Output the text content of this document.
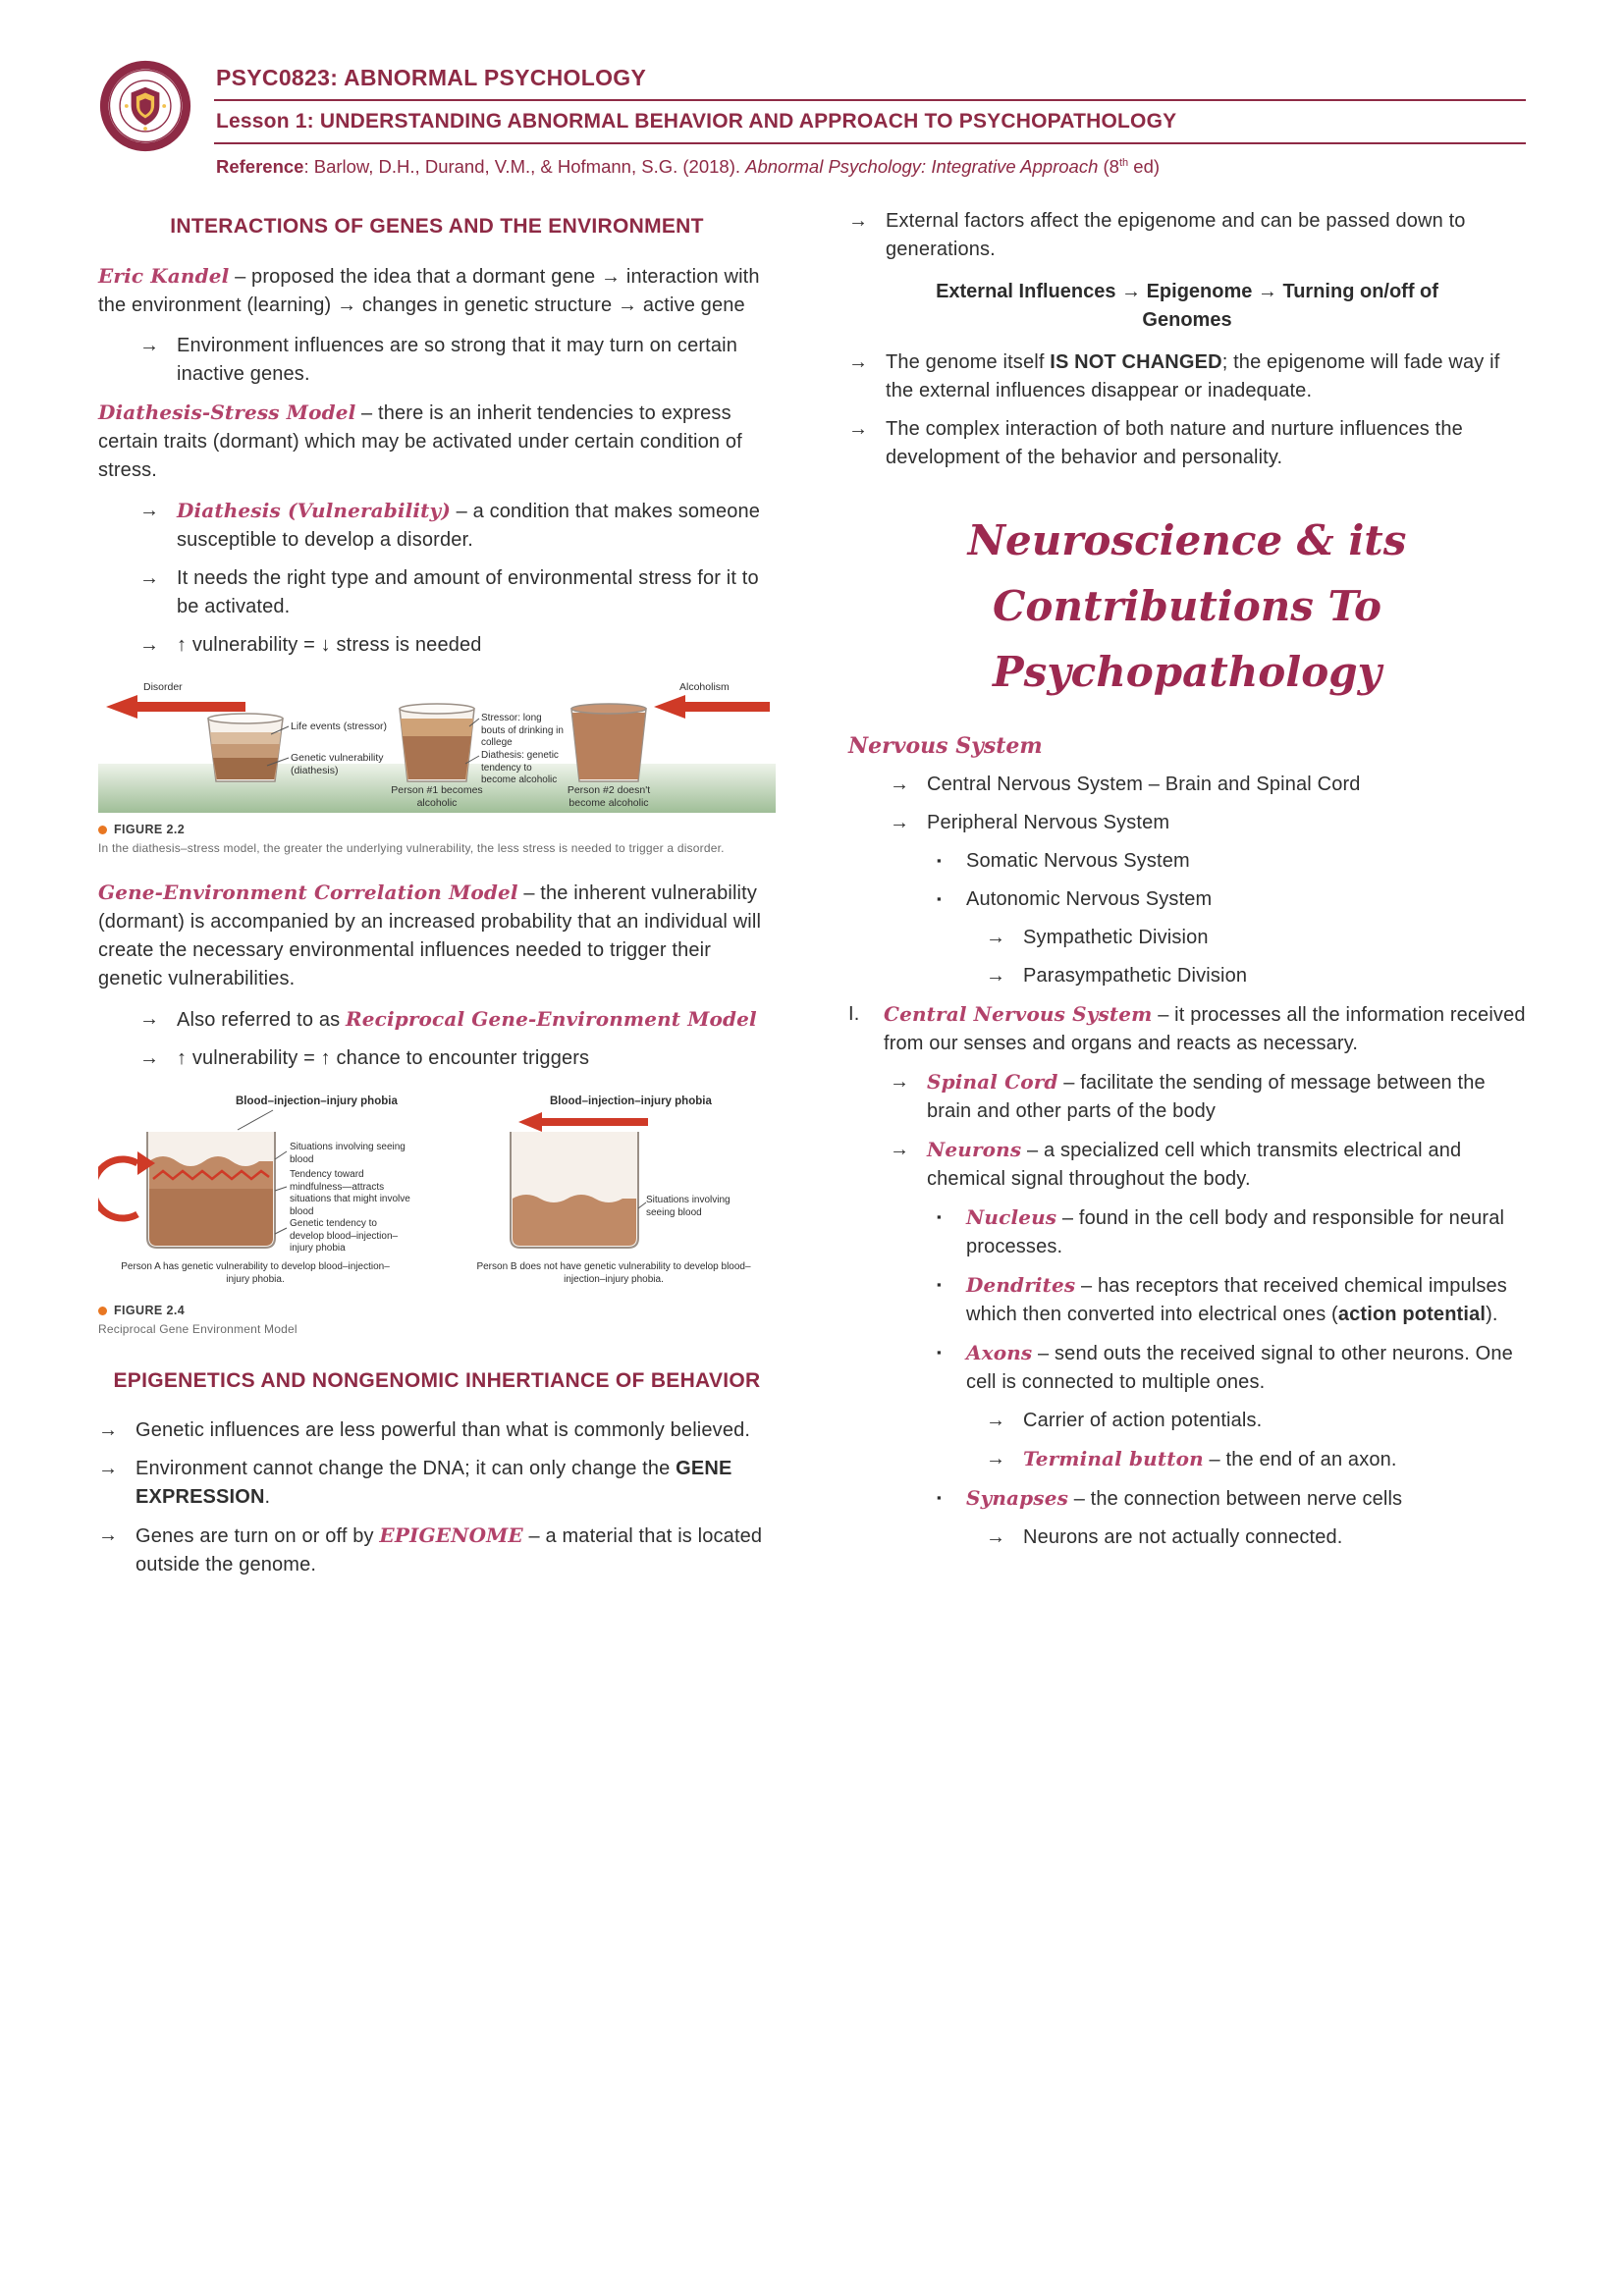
PSYC0823: ABNORMAL PSYCHOLOGY
Lesson 1: UNDERSTANDING ABNORMAL BEHAVIOR AND APPROACH TO PSYCHOPATHOLOGY
Reference: Barlow, D.H., Durand, V.M., & Hofmann, S.G. (2018). Abnormal Psychology: Integrative Approach (8th ed)
INTERACTIONS OF GENES AND THE ENVIRONMENT

Eric Kandel – proposed the idea that a dormant gene → interaction with the environment (learning) → changes in genetic structure → active gene

→ Environment influences are so strong that it may turn on certain inactive genes.

Diathesis-Stress Model – there is an inherit tendencies to express certain traits (dormant) which may be activated under certain condition of stress.

→ Diathesis (Vulnerability) – a condition that makes someone susceptible to develop a disorder.
→ It needs the right type and amount of environmental stress for it to be activated.
→ ↑ vulnerability = ↓ stress is needed
Disorder	Alcoholism
Life events (stressor)
Genetic vulnerability (diathesis)
Stressor: long bouts of drinking in college
Diathesis: genetic tendency to become alcoholic
Person #1 becomes alcoholic
Person #2 doesn't become alcoholic
FIGURE 2.2
In the diathesis–stress model, the greater the underlying vulnerability, the less stress is needed to trigger a disorder.

Gene-Environment Correlation Model – the inherent vulnerability (dormant) is accompanied by an increased probability that an individual will create the necessary environmental influences needed to trigger their genetic vulnerabilities.

→ Also referred to as Reciprocal Gene-Environment Model
→ ↑ vulnerability = ↑ chance to encounter triggers
Blood–injection–injury phobia	Blood–injection–injury phobia
Situations involving seeing blood
Tendency toward mindfulness—attracts situations that might involve blood
Genetic tendency to develop blood–injection–injury phobia
Situations involving seeing blood
Person A has genetic vulnerability to develop blood–injection–injury phobia.
Person B does not have genetic vulnerability to develop blood–injection–injury phobia.
FIGURE 2.4
Reciprocal Gene Environment Model
EPIGENETICS AND NONGENOMIC INHERTIANCE OF BEHAVIOR
→ Genetic influences are less powerful than what is commonly believed.
→ Environment cannot change the DNA; it can only change the GENE EXPRESSION.
→ Genes are turn on or off by EPIGENOME – a material that is located outside the genome.
→ External factors affect the epigenome and can be passed down to generations.

External Influences → Epigenome → Turning on/off of Genomes

→ The genome itself IS NOT CHANGED; the epigenome will fade way if the external influences disappear or inadequate.
→ The complex interaction of both nature and nurture influences the development of the behavior and personality.
Neuroscience & its Contributions To
Psychopathology
Nervous System
→ Central Nervous System – Brain and Spinal Cord
→ Peripheral Nervous System
▪	Somatic Nervous System
▪	Autonomic Nervous System
→ Sympathetic Division
→ Parasympathetic Division
I.	Central Nervous System – it processes all the information received from our senses and organs and reacts as necessary.
→ Spinal Cord – facilitate the sending of message between the brain and other parts of the body
→ Neurons – a specialized cell which transmits electrical and chemical signal throughout the body.
▪	Nucleus – found in the cell body and responsible for neural processes.
▪	Dendrites – has receptors that received chemical impulses which then converted into electrical ones (action potential).
▪	Axons – send outs the received signal to other neurons. One cell is connected to multiple ones.
→ Carrier of action potentials.
→ Terminal button – the end of an axon.
▪	Synapses – the connection between nerve cells
→ Neurons are not actually connected.
